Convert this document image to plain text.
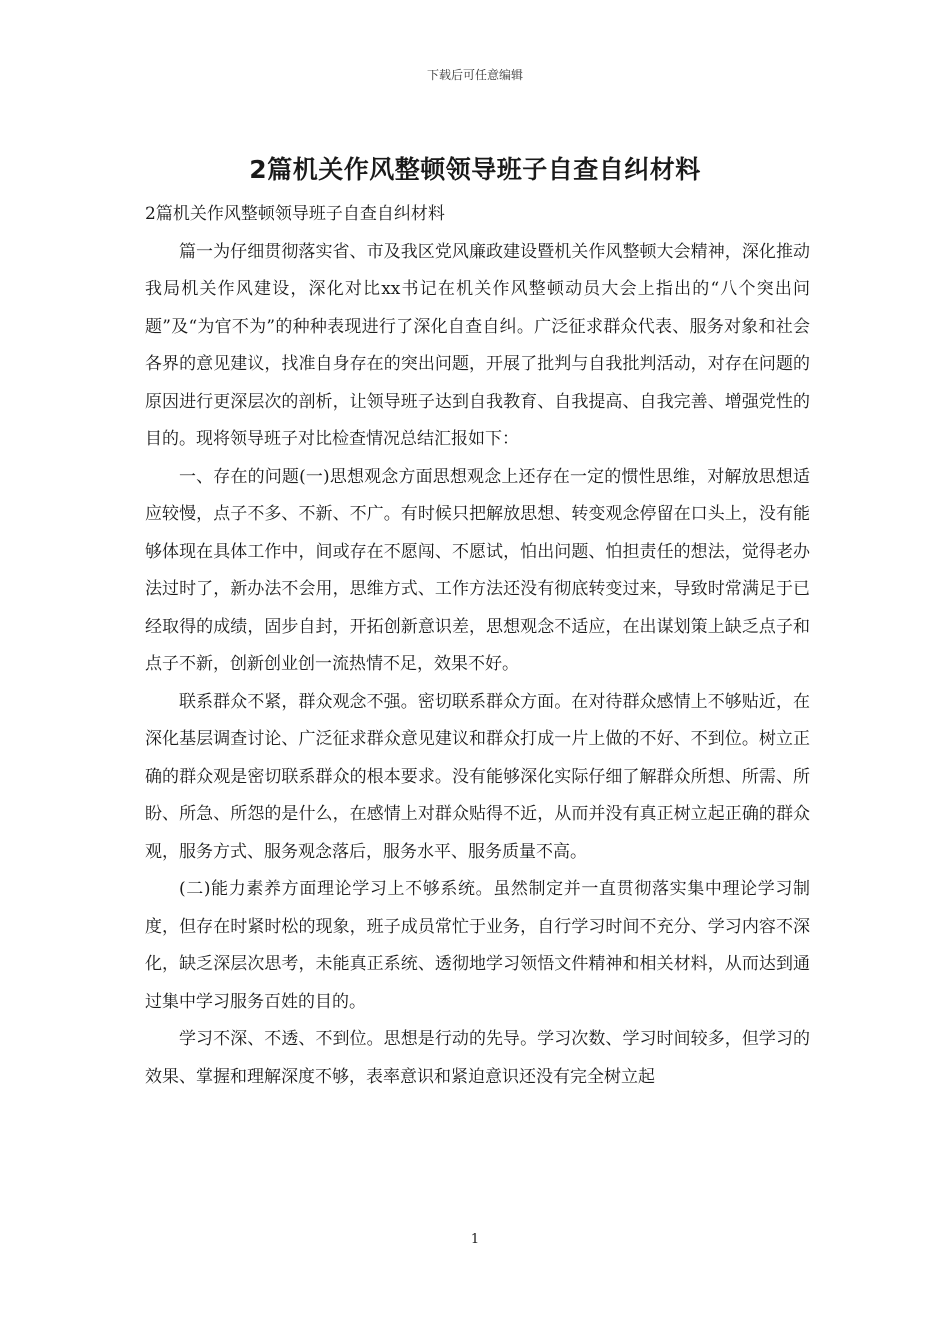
下载后可任意编辑
2篇机关作风整顿领导班子自查自纠材料

2篇机关作风整顿领导班子自查自纠材料

篇一为仔细贯彻落实省、市及我区党风廉政建设暨机关作风整顿大会精神，深化推动我局机关作风建设，深化对比xx书记在机关作风整顿动员大会上指出的“八个突出问题”及“为官不为”的种种表现进行了深化自查自纠。广泛征求群众代表、服务对象和社会各界的意见建议，找准自身存在的突出问题，开展了批判与自我批判活动，对存在问题的原因进行更深层次的剖析，让领导班子达到自我教育、自我提高、自我完善、增强党性的目的。现将领导班子对比检查情况总结汇报如下：

一、存在的问题(一)思想观念方面思想观念上还存在一定的惯性思维，对解放思想适应较慢，点子不多、不新、不广。有时候只把解放思想、转变观念停留在口头上，没有能够体现在具体工作中，间或存在不愿闯、不愿试，怕出问题、怕担责任的想法，觉得老办法过时了，新办法不会用，思维方式、工作方法还没有彻底转变过来，导致时常满足于已经取得的成绩，固步自封，开拓创新意识差，思想观念不适应，在出谋划策上缺乏点子和点子不新，创新创业创一流热情不足，效果不好。

联系群众不紧，群众观念不强。密切联系群众方面。在对待群众感情上不够贴近，在深化基层调查讨论、广泛征求群众意见建议和群众打成一片上做的不好、不到位。树立正确的群众观是密切联系群众的根本要求。没有能够深化实际仔细了解群众所想、所需、所盼、所急、所怨的是什么，在感情上对群众贴得不近，从而并没有真正树立起正确的群众观，服务方式、服务观念落后，服务水平、服务质量不高。

(二)能力素养方面理论学习上不够系统。虽然制定并一直贯彻落实集中理论学习制度，但存在时紧时松的现象，班子成员常忙于业务，自行学习时间不充分、学习内容不深化，缺乏深层次思考，未能真正系统、透彻地学习领悟文件精神和相关材料，从而达到通过集中学习服务百姓的目的。

学习不深、不透、不到位。思想是行动的先导。学习次数、学习时间较多，但学习的效果、掌握和理解深度不够，表率意识和紧迫意识还没有完全树立起

1
